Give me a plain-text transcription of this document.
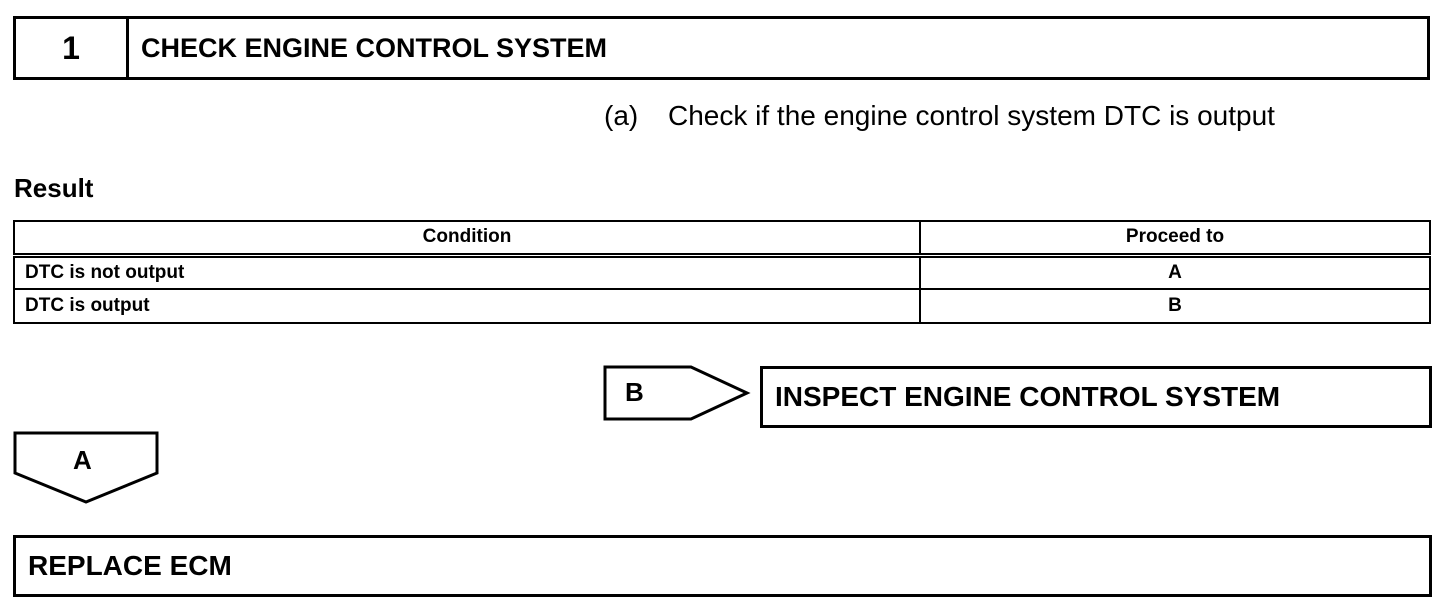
1	CHECK ENGINE CONTROL SYSTEM
(a) Check if the engine control system DTC is output
Result
Condition	Proceed to
DTC is not output	A
DTC is output	B
B	INSPECT ENGINE CONTROL SYSTEM
A
REPLACE ECM
